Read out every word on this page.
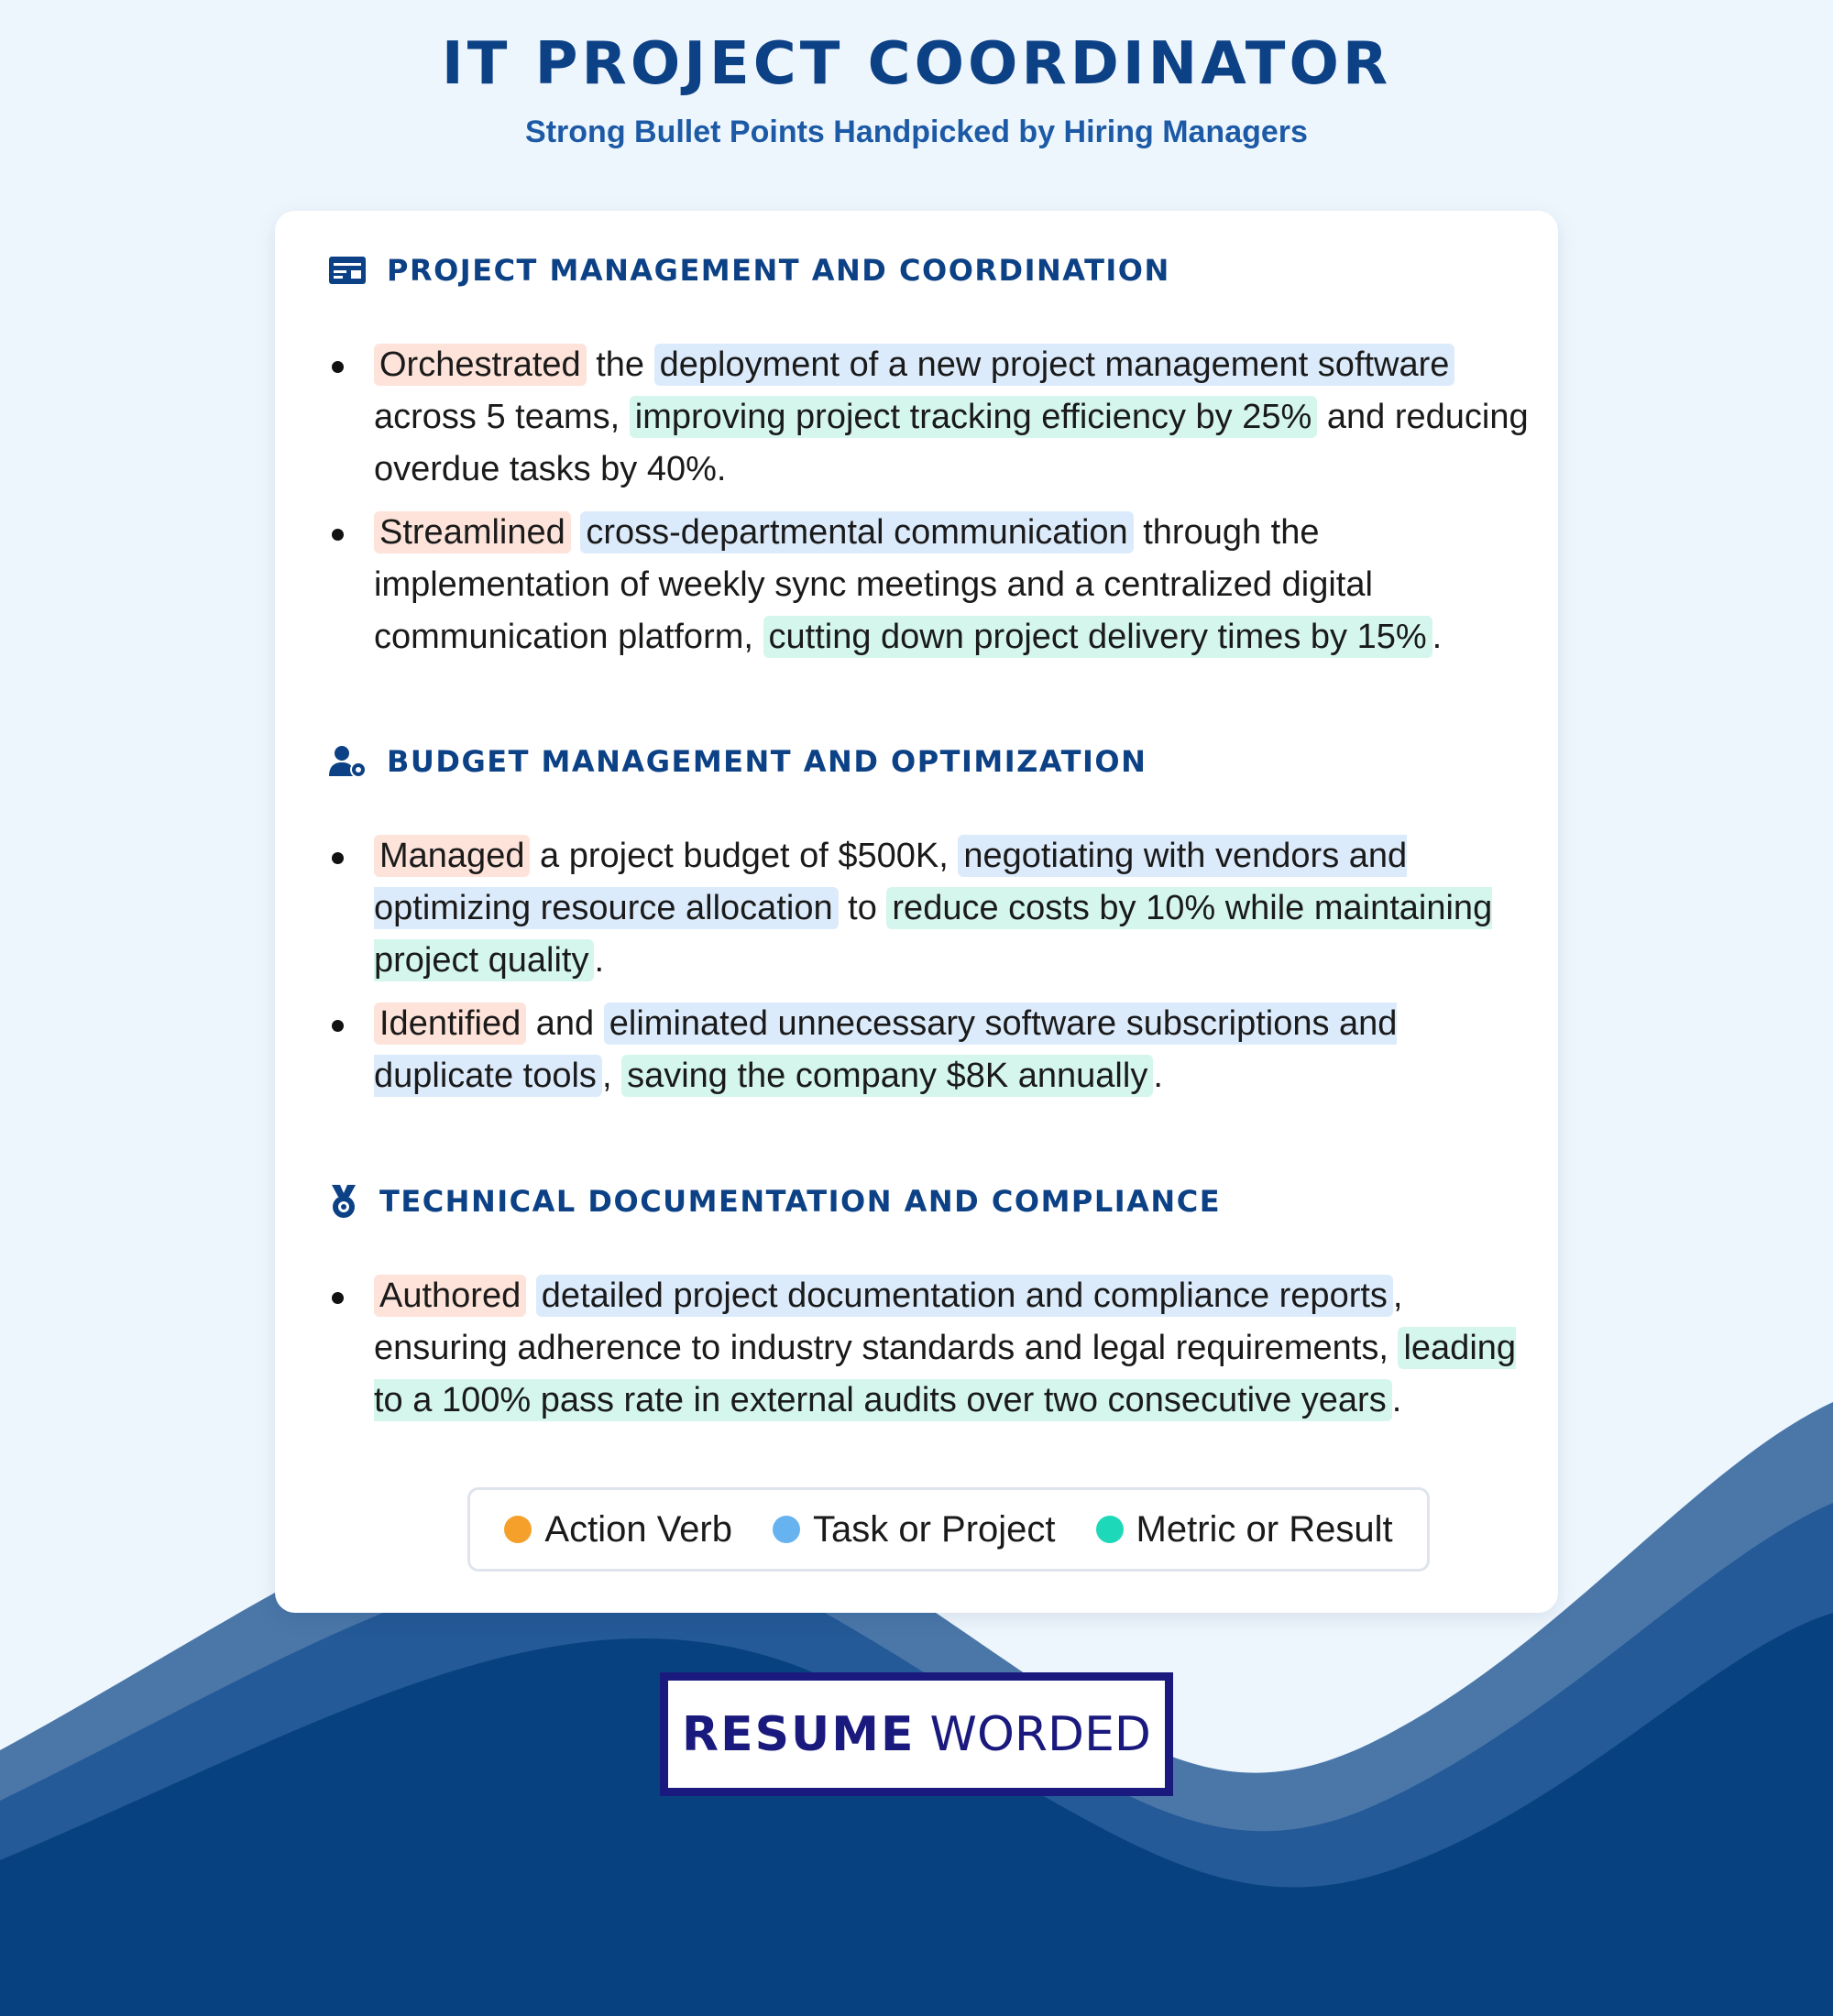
IT PROJECT COORDINATOR
Strong Bullet Points Handpicked by Hiring Managers
PROJECT MANAGEMENT AND COORDINATION
Orchestrated the deployment of a new project management software across 5 teams, improving project tracking efficiency by 25% and reducing overdue tasks by 40%.
Streamlined cross-departmental communication through the implementation of weekly sync meetings and a centralized digital communication platform, cutting down project delivery times by 15% .
BUDGET MANAGEMENT AND OPTIMIZATION
Managed a project budget of $500K, negotiating with vendors and optimizing resource allocation to reduce costs by 10% while maintaining project quality .
Identified and eliminated unnecessary software subscriptions and duplicate tools , saving the company $8K annually .
TECHNICAL DOCUMENTATION AND COMPLIANCE
Authored detailed project documentation and compliance reports , ensuring adherence to industry standards and legal requirements, leading to a 100% pass rate in external audits over two consecutive years .
Action Verb Task or Project Metric or Result
RESUME WORDED
